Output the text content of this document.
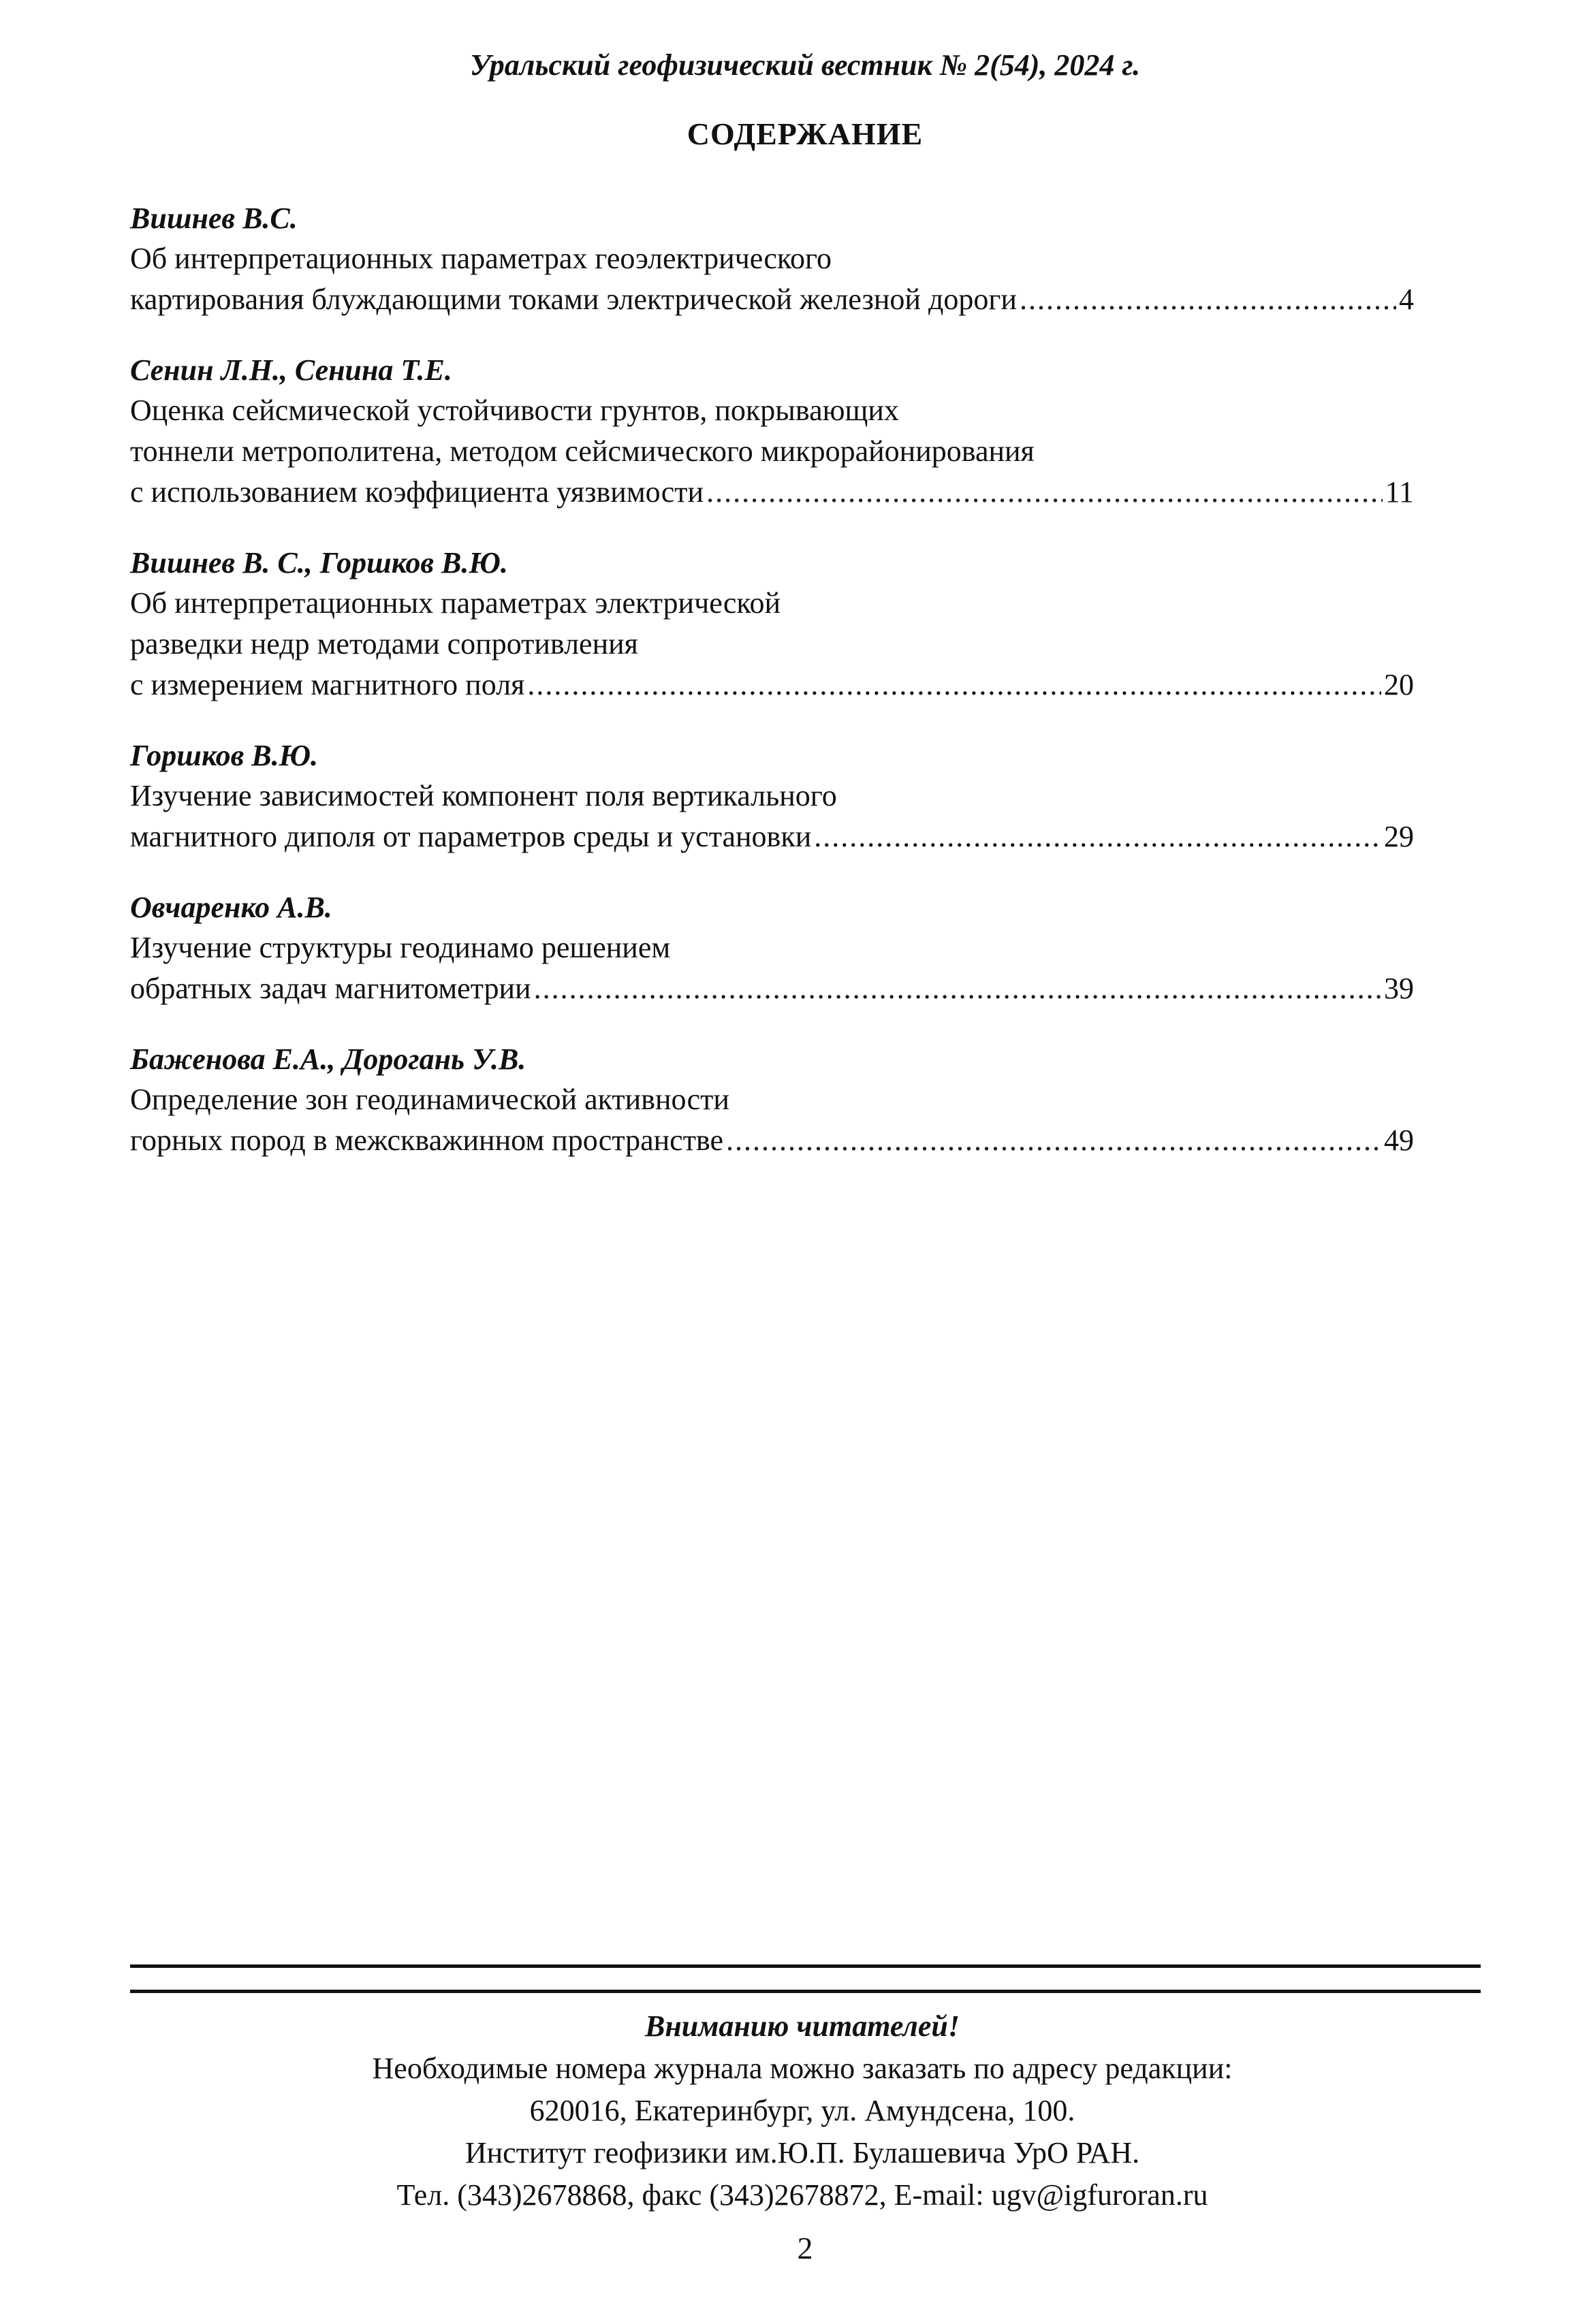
Уральский геофизический вестник № 2(54), 2024 г.
СОДЕРЖАНИЕ
Вишнев В.С.
Об интерпретационных параметрах геоэлектрического
картирования блуждающими токами электрической железной дороги .....	4
Сенин Л.Н., Сенина Т.Е.
Оценка сейсмической устойчивости грунтов, покрывающих
тоннели метрополитена, методом сейсмического микрорайонирования
с использованием коэффициента уязвимости .....	11
Вишнев В. С., Горшков В.Ю.
Об интерпретационных параметрах электрической
разведки недр методами сопротивления
с измерением магнитного поля .....	20
Горшков В.Ю.
Изучение зависимостей компонент поля вертикального
магнитного диполя от параметров среды и установки .....	29
Овчаренко А.В.
Изучение структуры геодинамо решением
обратных задач магнитометрии .....	39
Баженова Е.А., Дорогань У.В.
Определение зон геодинамической активности
горных пород в межскважинном пространстве .....	49
Вниманию читателей!
Необходимые номера журнала можно заказать по адресу редакции:
620016, Екатеринбург, ул. Амундсена, 100.
Институт геофизики им.Ю.П. Булашевича УрО РАН.
Тел. (343)2678868, факс (343)2678872, E-mail: ugv@igfuroran.ru
2
